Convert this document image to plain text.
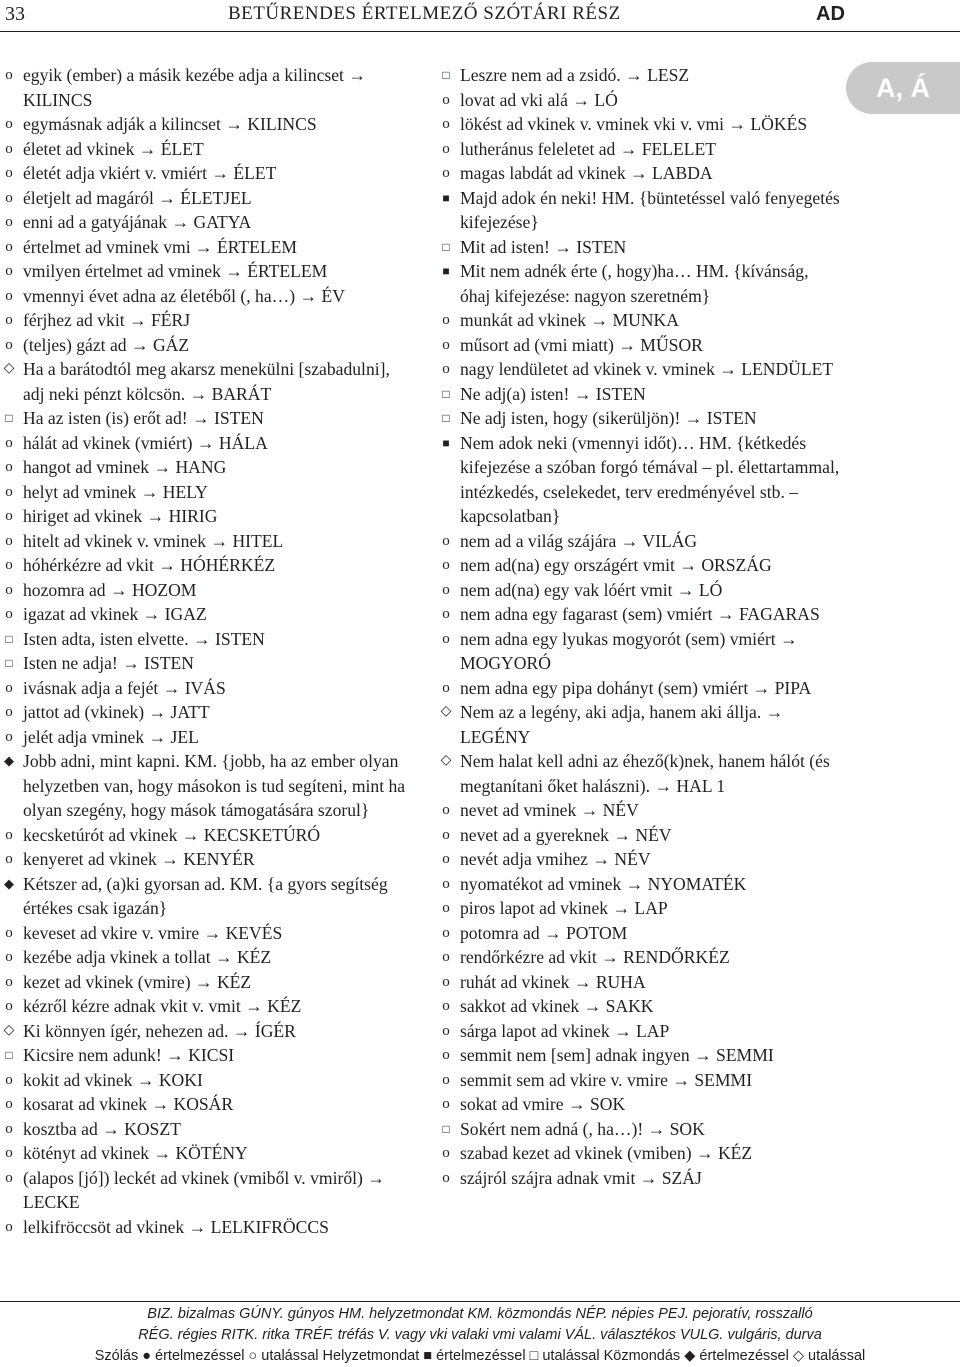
33	BETŰRENDES ÉRTELMEZŐ SZÓTÁRI RÉSZ	AD
A, Á
o egyik (ember) a másik kezébe adja a kilincset → KILINCS
o egymásnak adják a kilincset → KILINCS
o életet ad vkinek → ÉLET
o életét adja vkiért v. vmiért → ÉLET
o életjelt ad magáról → ÉLETJEL
o enni ad a gatyájának → GATYA
o értelmet ad vminek vmi → ÉRTELEM
o vmilyen értelmet ad vminek → ÉRTELEM
o vmennyi évet adna az életéből (, ha…) → ÉV
o férjhez ad vkit → FÉRJ
o (teljes) gázt ad → GÁZ
◇ Ha a barátodtól meg akarsz menekülni [szabadulni], adj neki pénzt kölcsön. → BARÁT
□ Ha az isten (is) erőt ad! → ISTEN
o hálát ad vkinek (vmiért) → HÁLA
o hangot ad vminek → HANG
o helyt ad vminek → HELY
o hiriget ad vkinek → HIRIG
o hitelt ad vkinek v. vminek → HITEL
o hóhérkézre ad vkit → HÓHÉRKÉZ
o hozomra ad → HOZOM
o igazat ad vkinek → IGAZ
□ Isten adta, isten elvette. → ISTEN
□ Isten ne adja! → ISTEN
o ivásnak adja a fejét → IVÁS
o jattot ad (vkinek) → JATT
o jelét adja vminek → JEL
◆ Jobb adni, mint kapni. KM. {jobb, ha az ember olyan helyzetben van, hogy másokon is tud segíteni, mint ha olyan szegény, hogy mások támogatására szorul}
o kecsketúrót ad vkinek → KECSKETÚRÓ
o kenyeret ad vkinek → KENYÉR
◆ Kétszer ad, (a)ki gyorsan ad. KM. {a gyors segítség értékes csak igazán}
o keveset ad vkire v. vmire → KEVÉS
o kezébe adja vkinek a tollat → KÉZ
o kezet ad vkinek (vmire) → KÉZ
o kézről kézre adnak vkit v. vmit → KÉZ
◇ Ki könnyen ígér, nehezen ad. → ÍGÉR
□ Kicsire nem adunk! → KICSI
o kokit ad vkinek → KOKI
o kosarat ad vkinek → KOSÁR
o kosztba ad → KOSZT
o kötényt ad vkinek → KÖTÉNY
o (alapos [jó]) leckét ad vkinek (vmiből v. vmiről) → LECKE
o lelkifröccsöt ad vkinek → LELKIFRÖCCS
□ Leszre nem ad a zsidó. → LESZ
o lovat ad vki alá → LÓ
o lökést ad vkinek v. vminek vki v. vmi → LÖKÉS
o lutheránus feleletet ad → FELELET
o magas labdát ad vkinek → LABDA
■ Majd adok én neki! HM. {büntetéssel való fenyegetés kifejezése}
□ Mit ad isten! → ISTEN
■ Mit nem adnék érte (, hogy)ha… HM. {kívánság, óhaj kifejezése: nagyon szeretném}
o munkát ad vkinek → MUNKA
o műsort ad (vmi miatt) → MŰSOR
o nagy lendületet ad vkinek v. vminek → LENDÜLET
□ Ne adj(a) isten! → ISTEN
□ Ne adj isten, hogy (sikerüljön)! → ISTEN
■ Nem adok neki (vmennyi időt)… HM. {kétkedés kifejezése a szóban forgó témával – pl. élettartammal, intézkedés, cselekedet, terv eredményével stb. – kapcsolatban}
o nem ad a világ szájára → VILÁG
o nem ad(na) egy országért vmit → ORSZÁG
o nem ad(na) egy vak lóért vmit → LÓ
o nem adna egy fagarast (sem) vmiért → FAGARAS
o nem adna egy lyukas mogyorót (sem) vmiért → MOGYORÓ
o nem adna egy pipa dohányt (sem) vmiért → PIPA
◇ Nem az a legény, aki adja, hanem aki állja. → LEGÉNY
◇ Nem halat kell adni az éhező(k)nek, hanem hálót (és megtanítani őket halászni). → HAL 1
o nevet ad vminek → NÉV
o nevet ad a gyereknek → NÉV
o nevét adja vmihez → NÉV
o nyomatékot ad vminek → NYOMATÉK
o piros lapot ad vkinek → LAP
o potomra ad → POTOM
o rendőrkézre ad vkit → RENDŐRKÉZ
o ruhát ad vkinek → RUHA
o sakkot ad vkinek → SAKK
o sárga lapot ad vkinek → LAP
o semmit nem [sem] adnak ingyen → SEMMI
o semmit sem ad vkire v. vmire → SEMMI
o sokat ad vmire → SOK
□ Sokért nem adná (, ha…)! → SOK
o szabad kezet ad vkinek (vmiben) → KÉZ
o szájról szájra adnak vmit → SZÁJ
BIZ. bizalmas GÚNY. gúnyos HM. helyzetmondat KM. közmondás NÉP. népies PEJ. pejoratív, rosszalló
RÉG. régies RITK. ritka TRÉF. tréfás V. vagy vki valaki vmi valami VÁL. választékos VULG. vulgáris, durva
Szólás ● értelmezéssel ○ utalással Helyzetmondat ■ értelmezéssel □ utalással Közmondás ◆ értelmezéssel ◇ utalással
